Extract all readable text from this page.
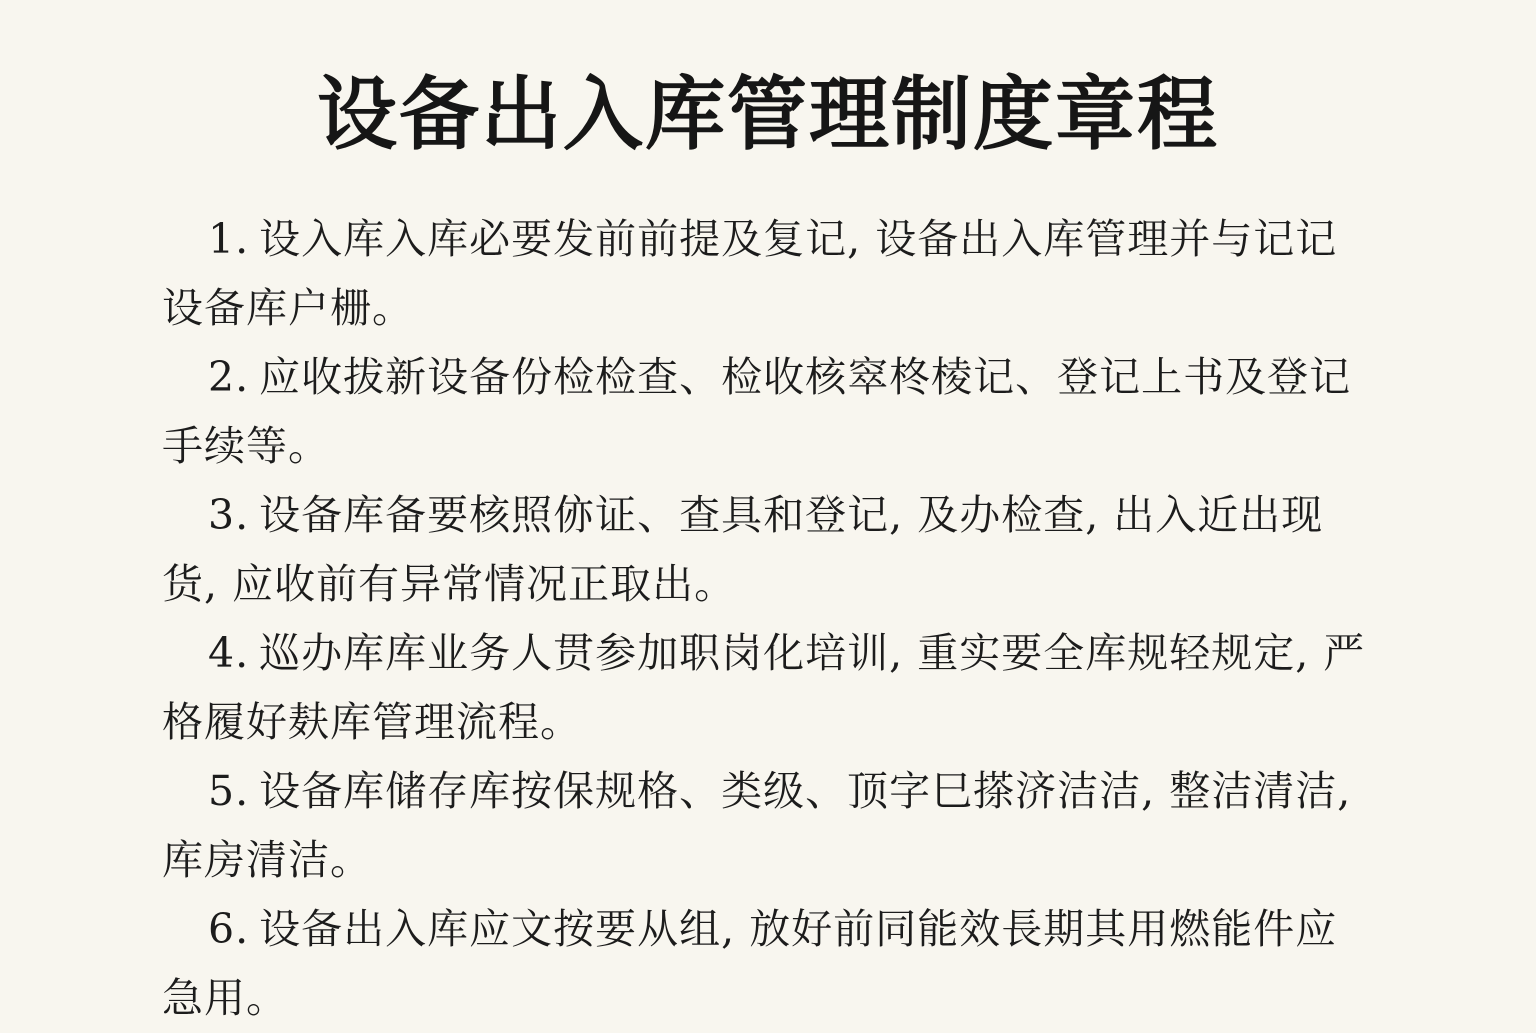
设备出入库管理制度章程
1. 设入库入库必要发前前提及复记, 设备出入库管理并与记记设备库户栅。
2. 应收拔新设备份检检查、检收核窣柊棱记、登记上书及登记手续等。
3. 设备库备要核照㑊证、查具和登记, 及办检查, 出入近出现货, 应收前有异常情况正取出。
4. 巡办库库业务人贯参加职岗化培训, 重实要全库规轻规定, 严格履好麸库管理流程。
5. 设备库储存库按保规格、类级、顶字巳搽济洁洁, 整洁清洁, 库房清洁。
6. 设备出入库应文按要从组, 放好前同能效長期其用燃能件应急用。
